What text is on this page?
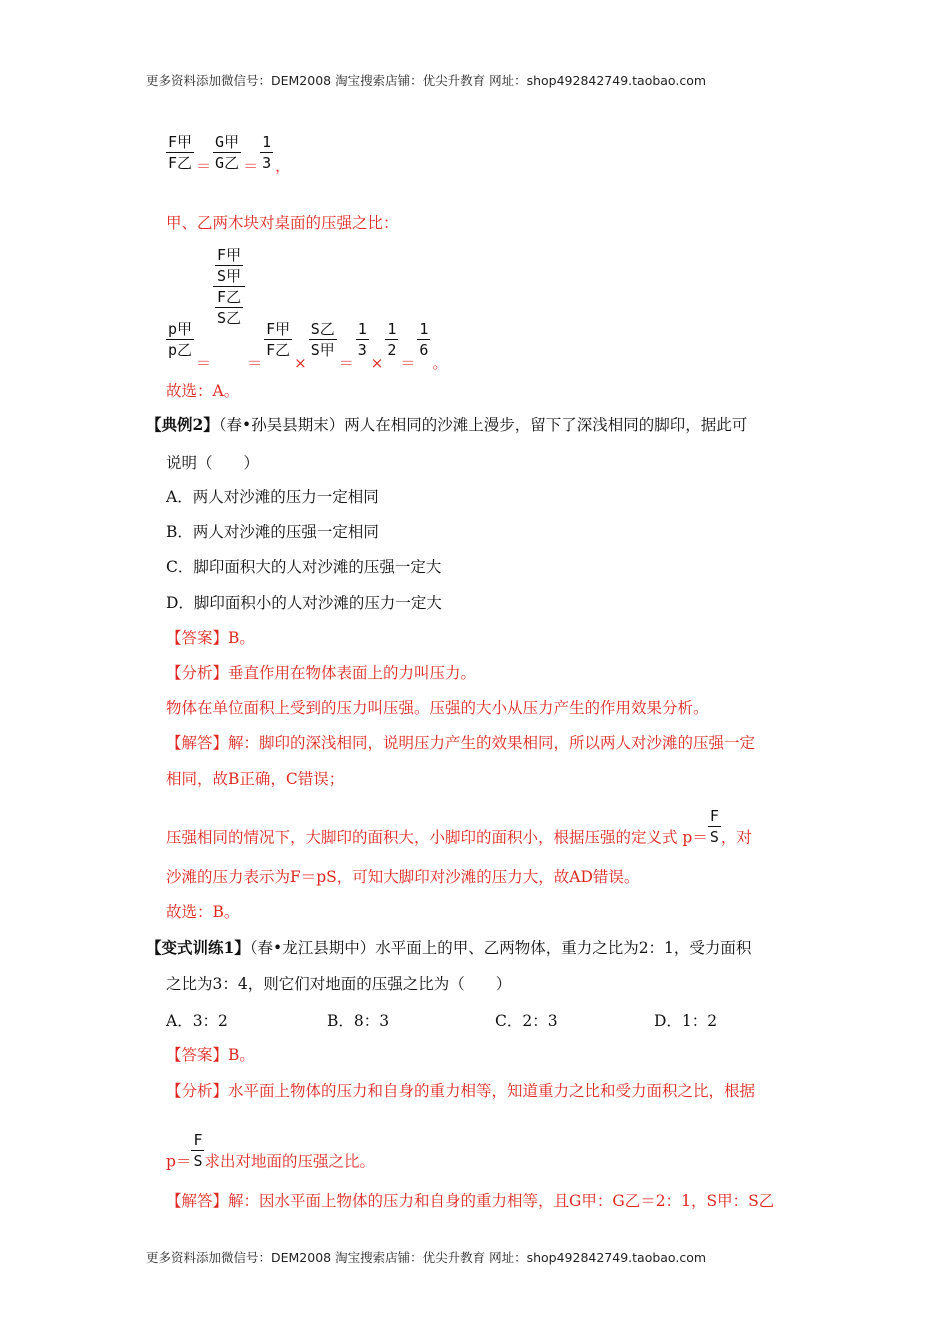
更多资料添加微信号：DEM2008 淘宝搜索店铺：优尖升教育 网址：shop492842749.taobao.com
$\frac{\text{F甲}}{\text{F乙}} = \frac{\text{G甲}}{\text{G乙}} = \frac{1}{3}$ ，
甲、乙两木块对桌面的压强之比：
$\frac{\text{p甲}}{\text{p乙}}$
＝
$\frac{\frac{\text{F甲}}{\text{S甲}}}{\frac{\text{F乙}}{\text{S乙}}}$
＝
$\frac{\text{F甲}}{\text{F乙}}$
×
$\frac{\text{S乙}}{\text{S甲}}$
＝
$\frac{1}{3}$
×
$\frac{1}{2}$
＝
$\frac{1}{6}$
。
故选：A。
【典例2】（春•孙吴县期末）两人在相同的沙滩上漫步，留下了深浅相同的脚印，据此可
说明（　　）
A．两人对沙滩的压力一定相同
B．两人对沙滩的压强一定相同
C．脚印面积大的人对沙滩的压强一定大
D．脚印面积小的人对沙滩的压力一定大
【答案】B。
【分析】垂直作用在物体表面上的力叫压力。
物体在单位面积上受到的压力叫压强。压强的大小从压力产生的作用效果分析。
【解答】解：脚印的深浅相同，说明压力产生的效果相同，所以两人对沙滩的压强一定
相同，故B正确，C错误；
压强相同的情况下，大脚印的面积大，小脚印的面积小，根据压强的定义式 $p= \frac{F}{S}$ ，对
沙滩的压力表示为F＝pS，可知大脚印对沙滩的压力大，故AD错误。
故选：B。
【变式训练1】（春•龙江县期中）水平面上的甲、乙两物体，重力之比为2：1，受力面积
之比为3：4，则它们对地面的压强之比为（　　）
A．3：2	B．8：3	C．2：3	D．1：2
【答案】B。
【分析】水平面上物体的压力和自身的重力相等，知道重力之比和受力面积之比，根据
$p= \frac{F}{S}$ 求出对地面的压强之比。
【解答】解：因水平面上物体的压力和自身的重力相等，且G甲：G乙＝2：1，S甲：S乙
更多资料添加微信号：DEM2008 淘宝搜索店铺：优尖升教育 网址：shop492842749.taobao.com
